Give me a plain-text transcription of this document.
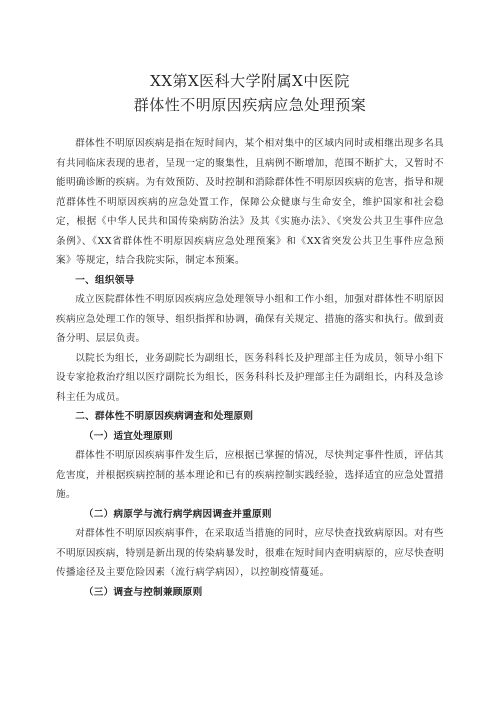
XX第X医科大学附属X中医院
群体性不明原因疾病应急处理预案

群体性不明原因疾病是指在短时间内，某个相对集中的区域内同时或相继出现多名具有共同临床表现的患者，呈现一定的聚集性，且病例不断增加，范围不断扩大，又暂时不能明确诊断的疾病。为有效预防、及时控制和消除群体性不明原因疾病的危害，指导和规范群体性不明原因疾病的应急处置工作，保障公众健康与生命安全，维护国家和社会稳定，根据《中华人民共和国传染病防治法》及其《实施办法》、《突发公共卫生事件应急条例》、《XX省群体性不明原因疾病应急处理预案》和《XX省突发公共卫生事件应急预案》等规定，结合我院实际，制定本预案。

一、组织领导

成立医院群体性不明原因疾病应急处理领导小组和工作小组，加强对群体性不明原因疾病应急处理工作的领导、组织指挥和协调，确保有关规定、措施的落实和执行。做到责备分明、层层负责。

以院长为组长，业务副院长为副组长，医务科科长及护理部主任为成员，领导小组下设专家抢救治疗组以医疗副院长为组长，医务科科长及护理部主任为副组长，内科及急诊科主任为成员。

二、群体性不明原因疾病调查和处理原则

（一）适宜处理原则

群体性不明原因疾病事件发生后，应根据已掌握的情况，尽快判定事件性质，评估其危害度，并根据疾病控制的基本理论和已有的疾病控制实践经验，选择适宜的应急处置措施。

（二）病原学与流行病学病因调查并重原则

对群体性不明原因疾病事件，在采取适当措施的同时，应尽快查找致病原因。对有些不明原因疾病，特别是新出现的传染病暴发时，很难在短时间内查明病原的，应尽快查明传播途径及主要危险因素（流行病学病因），以控制疫情蔓延。

（三）调查与控制兼顾原则
